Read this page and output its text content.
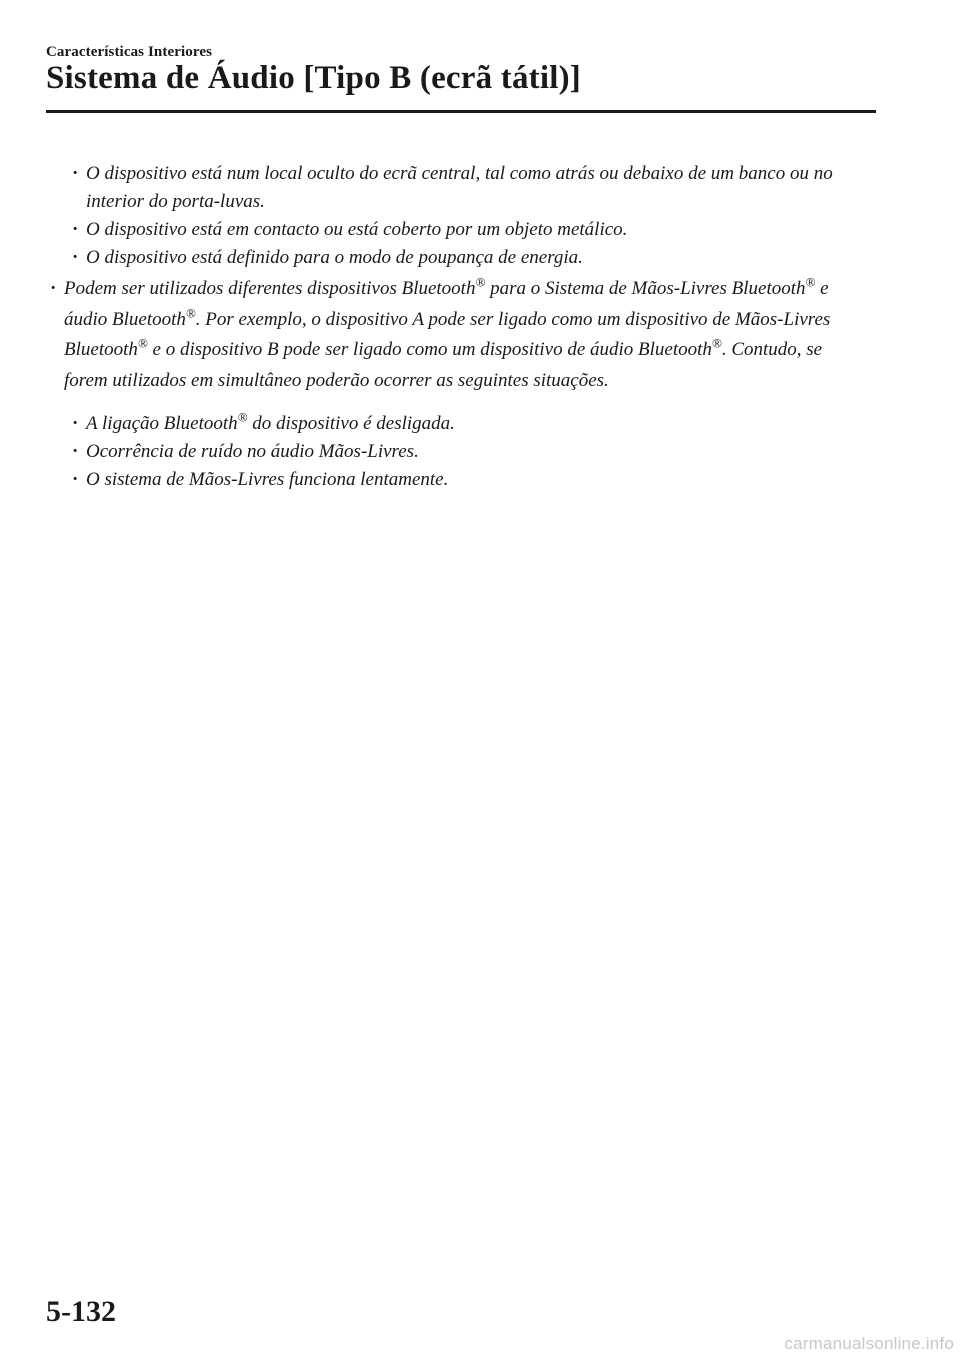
Características Interiores
Sistema de Áudio [Tipo B (ecrã tátil)]
· O dispositivo está num local oculto do ecrã central, tal como atrás ou debaixo de um banco ou no interior do porta-luvas.
· O dispositivo está em contacto ou está coberto por um objeto metálico.
· O dispositivo está definido para o modo de poupança de energia.
· Podem ser utilizados diferentes dispositivos Bluetooth® para o Sistema de Mãos-Livres Bluetooth® e áudio Bluetooth®. Por exemplo, o dispositivo A pode ser ligado como um dispositivo de Mãos-Livres Bluetooth® e o dispositivo B pode ser ligado como um dispositivo de áudio Bluetooth®. Contudo, se forem utilizados em simultâneo poderão ocorrer as seguintes situações.
· A ligação Bluetooth® do dispositivo é desligada.
· Ocorrência de ruído no áudio Mãos-Livres.
· O sistema de Mãos-Livres funciona lentamente.
5-132
carmanualsonline.info
